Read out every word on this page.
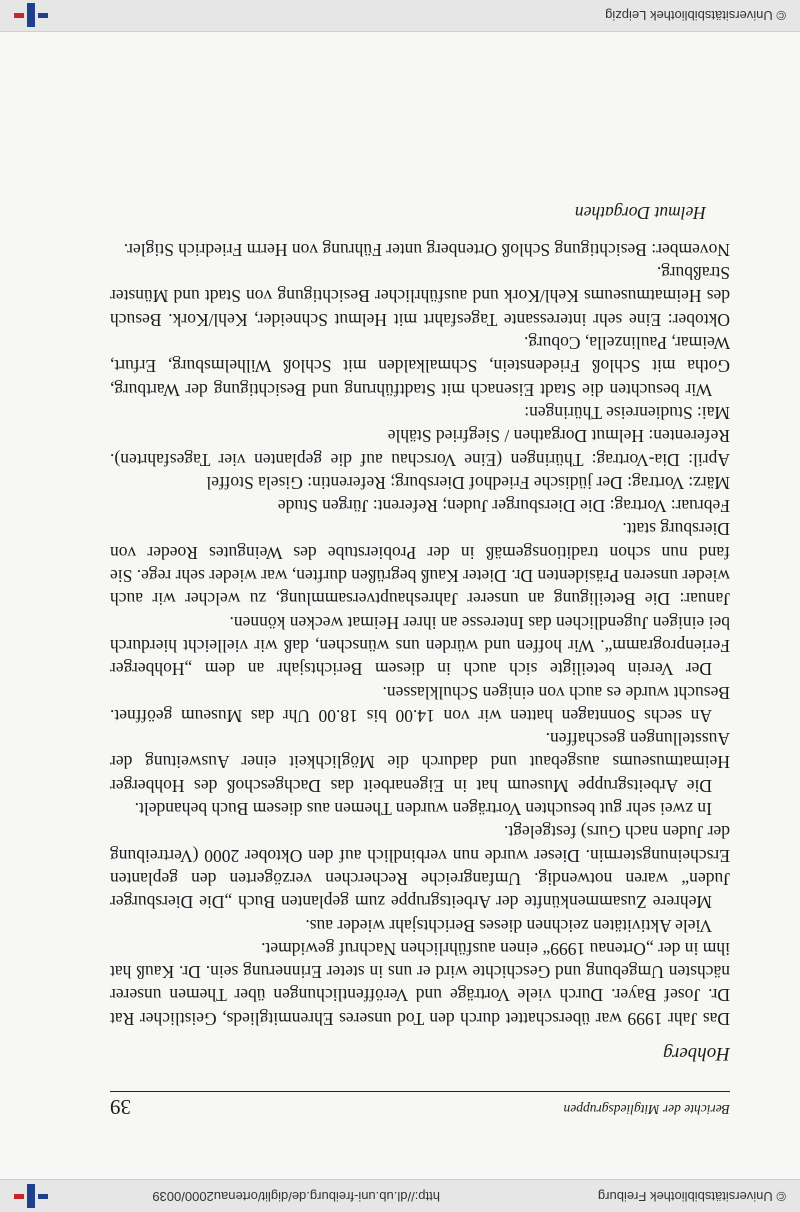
© Universitätsbibliothek Freiburg
http://dl.ub.uni-freiburg.de/diglit/ortenau2000/0039
Berichte der Mitgliedsgruppen
39
Hohberg

Das Jahr 1999 war überschattet durch den Tod unseres Ehrenmitglieds, Geistlicher Rat Dr. Josef Bayer. Durch viele Vorträge und Veröffentlichungen über Themen unserer nächsten Umgebung und Geschichte wird er uns in steter Erinnerung sein. Dr. Kauß hat ihm in der „Ortenau 1999“ einen ausführlichen Nachruf gewidmet.

Viele Aktivitäten zeichnen dieses Berichtsjahr wieder aus.

Mehrere Zusammenkünfte der Arbeitsgruppe zum geplanten Buch „Die Diersburger Juden“ waren notwendig. Umfangreiche Recherchen verzögerten den geplanten Erscheinungstermin. Dieser wurde nun verbindlich auf den Oktober 2000 (Vertreibung der Juden nach Gurs) festgelegt.

In zwei sehr gut besuchten Vorträgen wurden Themen aus diesem Buch behandelt.

Die Arbeitsgruppe Museum hat in Eigenarbeit das Dachgeschoß des Hohberger Heimatmuseums ausgebaut und dadurch die Möglichkeit einer Ausweitung der Ausstellungen geschaffen.

An sechs Sonntagen hatten wir von 14.00 bis 18.00 Uhr das Museum geöffnet. Besucht wurde es auch von einigen Schulklassen.

Der Verein beteiligte sich auch in diesem Berichtsjahr an dem „Hohberger Ferienprogramm“. Wir hoffen und würden uns wünschen, daß wir vielleicht hierdurch bei einigen Jugendlichen das Interesse an ihrer Heimat wecken können.

Januar: Die Beteiligung an unserer Jahreshauptversammlung, zu welcher wir auch wieder unseren Präsidenten Dr. Dieter Kauß begrüßen durften, war wieder sehr rege. Sie fand nun schon traditionsgemäß in der Probierstube des Weingutes Roeder von Diersburg statt.

Februar: Vortrag: Die Diersburger Juden; Referent: Jürgen Stude

März: Vortrag: Der jüdische Friedhof Diersburg; Referentin: Gisela Stoffel

April: Dia-Vortrag: Thüringen (Eine Vorschau auf die geplanten vier Tagesfahrten). Referenten: Helmut Dorgathen / Siegfried Stähle

Mai: Studienreise Thüringen:

Wir besuchten die Stadt Eisenach mit Stadtführung und Besichtigung der Wartburg, Gotha mit Schloß Friedenstein, Schmalkalden mit Schloß Wilhelmsburg, Erfurt, Weimar, Paulinzella, Coburg.

Oktober: Eine sehr interessante Tagesfahrt mit Helmut Schneider, Kehl/Kork. Besuch des Heimatmuseums Kehl/Kork und ausführlicher Besichtigung von Stadt und Münster Straßburg.

November: Besichtigung Schloß Ortenberg unter Führung von Herrn Friedrich Stigler.

Helmut Dorgathen
© Universitätsbibliothek Leipzig
